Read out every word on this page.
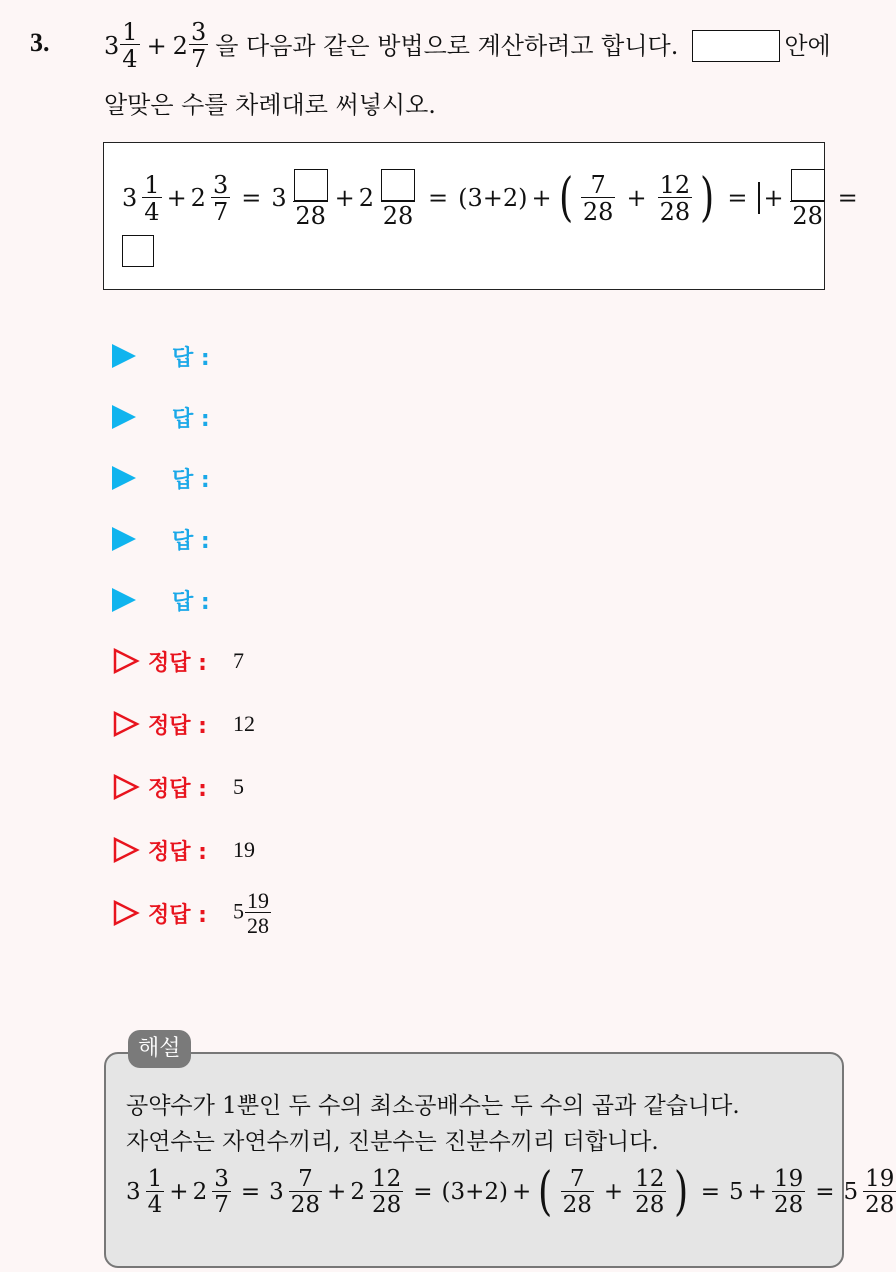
3. $3 \frac{1}{4} + 2 \frac{3}{7}$ 을 다음과 같은 방법으로 계산하려고 합니다.	안에
알맞은 수를 차례대로 써넣시오.
$3 \frac{1}{4} + 2 \frac{3}{7} = 3$
28
+ 2
28
= (3+2) + ( $\frac{7}{28} + \frac{12}{28}$ ) = +
28
=
답 :
답 :
답 :
답 :
답 :
정답 : 7
정답 : 12
정답 : 5
정답 : 19
정답 : $5 \frac{19}{28}$
공약수가 1뿐인 두 수의 최소공배수는 두 수의 곱과 같습니다.
자연수는 자연수끼리, 진분수는 진분수끼리 더합니다.
$3 \frac{1}{4} + 2 \frac{3}{7} = 3 \frac{7}{28} + 2 \frac{12}{28} = (3+2)$ + ( $\frac{7}{28} + \frac{12}{28}$ ) = $5 + \frac{19}{28} = 5 \frac{19}{28}$
해설
